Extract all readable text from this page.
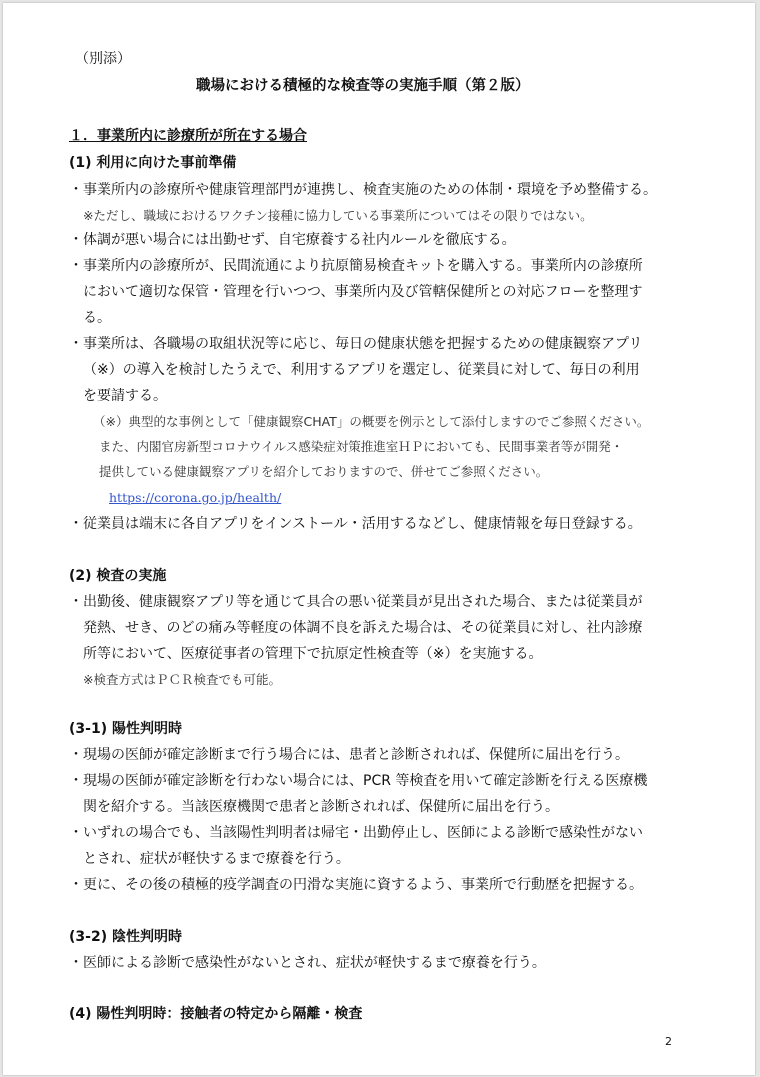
（別添）
職場における積極的な検査等の実施手順（第２版）
１．事業所内に診療所が所在する場合
(1) 利用に向けた事前準備
・事業所内の診療所や健康管理部門が連携し、検査実施のための体制・環境を予め整備する。
※ただし、職域におけるワクチン接種に協力している事業所についてはその限りではない。
・体調が悪い場合には出勤せず、自宅療養する社内ルールを徹底する。
・事業所内の診療所が、民間流通により抗原簡易検査キットを購入する。事業所内の診療所
において適切な保管・管理を行いつつ、事業所内及び管轄保健所との対応フローを整理す
る。
・事業所は、各職場の取組状況等に応じ、毎日の健康状態を把握するための健康観察アプリ
（※）の導入を検討したうえで、利用するアプリを選定し、従業員に対して、毎日の利用
を要請する。
（※）典型的な事例として「健康観察CHAT」の概要を例示として添付しますのでご参照ください。
また、内閣官房新型コロナウイルス感染症対策推進室ＨＰにおいても、民間事業者等が開発・
提供している健康観察アプリを紹介しておりますので、併せてご参照ください。
https://corona.go.jp/health/
・従業員は端末に各自アプリをインストール・活用するなどし、健康情報を毎日登録する。
(2) 検査の実施
・出勤後、健康観察アプリ等を通じて具合の悪い従業員が見出された場合、または従業員が
発熱、せき、のどの痛み等軽度の体調不良を訴えた場合は、その従業員に対し、社内診療
所等において、医療従事者の管理下で抗原定性検査等（※）を実施する。
※検査方式はＰＣＲ検査でも可能。
(3-1) 陽性判明時
・現場の医師が確定診断まで行う場合には、患者と診断されれば、保健所に届出を行う。
・現場の医師が確定診断を行わない場合には、PCR 等検査を用いて確定診断を行える医療機
関を紹介する。当該医療機関で患者と診断されれば、保健所に届出を行う。
・いずれの場合でも、当該陽性判明者は帰宅・出勤停止し、医師による診断で感染性がない
とされ、症状が軽快するまで療養を行う。
・更に、その後の積極的疫学調査の円滑な実施に資するよう、事業所で行動歴を把握する。
(3-2) 陰性判明時
・医師による診断で感染性がないとされ、症状が軽快するまで療養を行う。
(4) 陽性判明時：接触者の特定から隔離・検査
2
